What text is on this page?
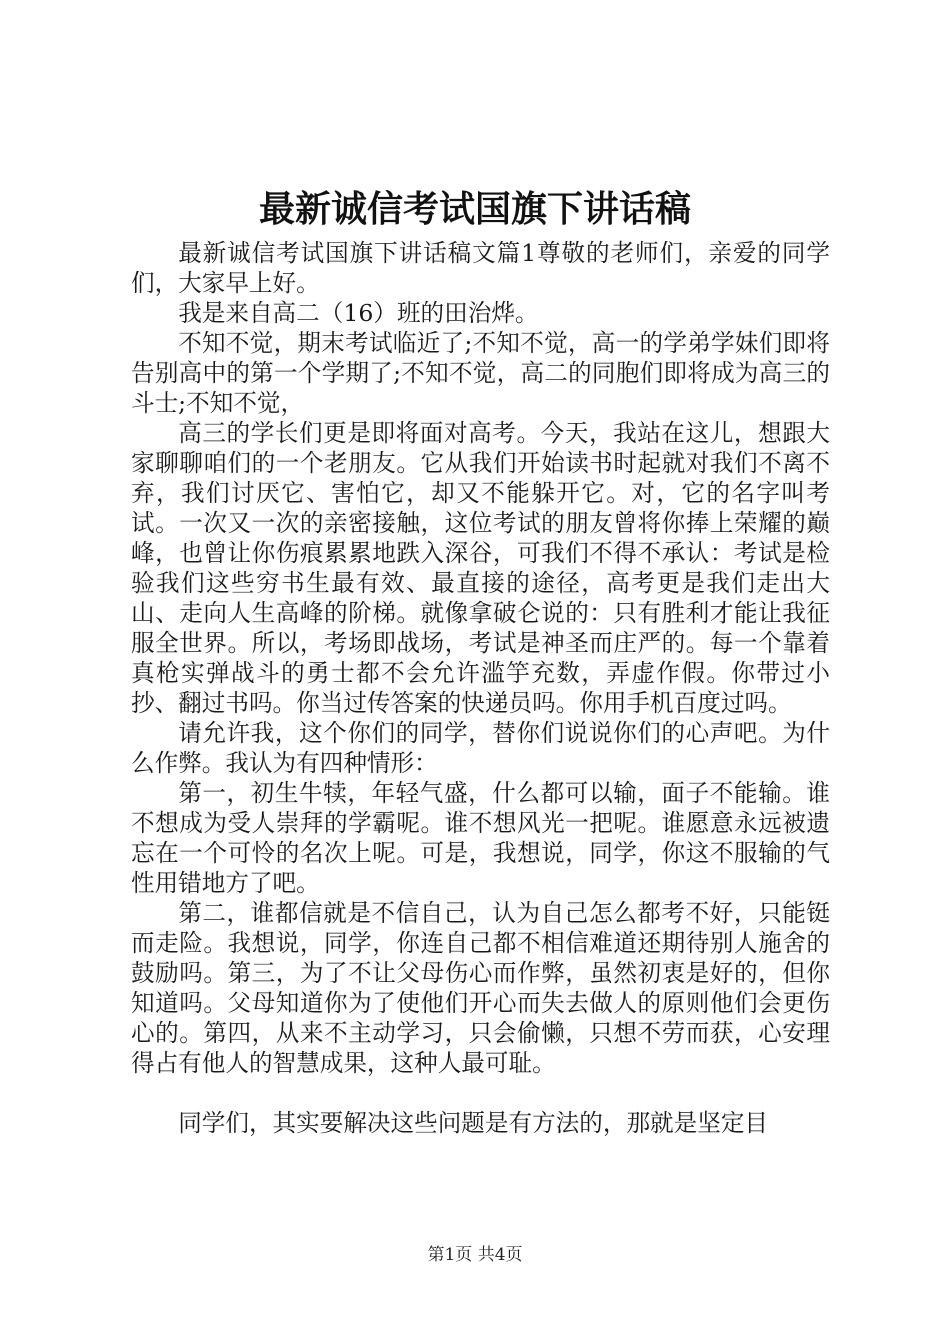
最新诚信考试国旗下讲话稿

最新诚信考试国旗下讲话稿文篇1尊敬的老师们，亲爱的同学们，大家早上好。

我是来自高二（16）班的田治烨。

不知不觉，期末考试临近了;不知不觉，高一的学弟学妹们即将告别高中的第一个学期了;不知不觉，高二的同胞们即将成为高三的斗士;不知不觉，

高三的学长们更是即将面对高考。今天，我站在这儿，想跟大家聊聊咱们的一个老朋友。它从我们开始读书时起就对我们不离不弃，我们讨厌它、害怕它，却又不能躲开它。对，它的名字叫考试。一次又一次的亲密接触，这位考试的朋友曾将你捧上荣耀的巅峰，也曾让你伤痕累累地跌入深谷，可我们不得不承认：考试是检验我们这些穷书生最有效、最直接的途径，高考更是我们走出大山、走向人生高峰的阶梯。就像拿破仑说的：只有胜利才能让我征服全世界。所以，考场即战场，考试是神圣而庄严的。每一个靠着真枪实弹战斗的勇士都不会允许滥竽充数，弄虚作假。你带过小抄、翻过书吗。你当过传答案的快递员吗。你用手机百度过吗。

请允许我，这个你们的同学，替你们说说你们的心声吧。为什么作弊。我认为有四种情形：

第一，初生牛犊，年轻气盛，什么都可以输，面子不能输。谁不想成为受人崇拜的学霸呢。谁不想风光一把呢。谁愿意永远被遗忘在一个可怜的名次上呢。可是，我想说，同学，你这不服输的气性用错地方了吧。

第二，谁都信就是不信自己，认为自己怎么都考不好，只能铤而走险。我想说，同学，你连自己都不相信难道还期待别人施舍的鼓励吗。第三，为了不让父母伤心而作弊，虽然初衷是好的，但你知道吗。父母知道你为了使他们开心而失去做人的原则他们会更伤心的。第四，从来不主动学习，只会偷懒，只想不劳而获，心安理得占有他人的智慧成果，这种人最可耻。

同学们，其实要解决这些问题是有方法的，那就是坚定目

第1页 共4页
